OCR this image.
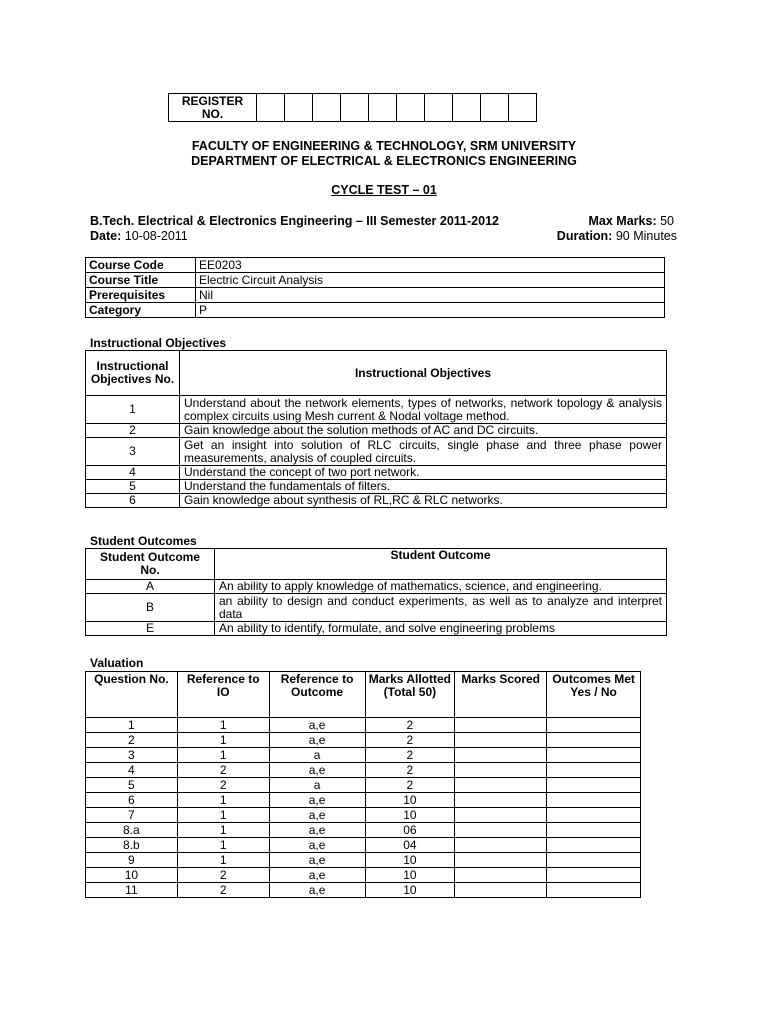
REGISTER
NO.										
FACULTY OF ENGINEERING & TECHNOLOGY, SRM UNIVERSITY
DEPARTMENT OF ELECTRICAL & ELECTRONICS ENGINEERING
CYCLE TEST – 01
B.Tech. Electrical & Electronics Engineering – III Semester 2011-2012	Max Marks: 50
Date: 10-08-2011	Duration: 90 Minutes
Course Code	EE0203
Course Title	Electric Circuit Analysis
Prerequisites	Nil
Category	P
Instructional Objectives
Instructional Objectives No.	Instructional Objectives
1	Understand about the network elements, types of networks, network topology & analysis complex circuits using Mesh current & Nodal voltage method.
2	Gain knowledge about the solution methods of AC and DC circuits.
3	Get an insight into solution of RLC circuits, single phase and three phase power measurements, analysis of coupled circuits.
4	Understand the concept of two port network.
5	Understand the fundamentals of filters.
6	Gain knowledge about synthesis of RL,RC & RLC networks.
Student Outcomes
Student Outcome No.	Student Outcome
A	An ability to apply knowledge of mathematics, science, and engineering.
B	an ability to design and conduct experiments, as well as to analyze and interpret data
E	An ability to identify, formulate, and solve engineering problems
Valuation
Question No.	Reference to IO	Reference to Outcome	Marks Allotted (Total 50)	Marks Scored	Outcomes Met Yes / No
1	1	a,e	2		
2	1	a,e	2		
3	1	a	2		
4	2	a,e	2		
5	2	a	2		
6	1	a,e	10		
7	1	a,e	10		
8.a	1	a,e	06		
8.b	1	a,e	04		
9	1	a,e	10		
10	2	a,e	10		
11	2	a,e	10		
